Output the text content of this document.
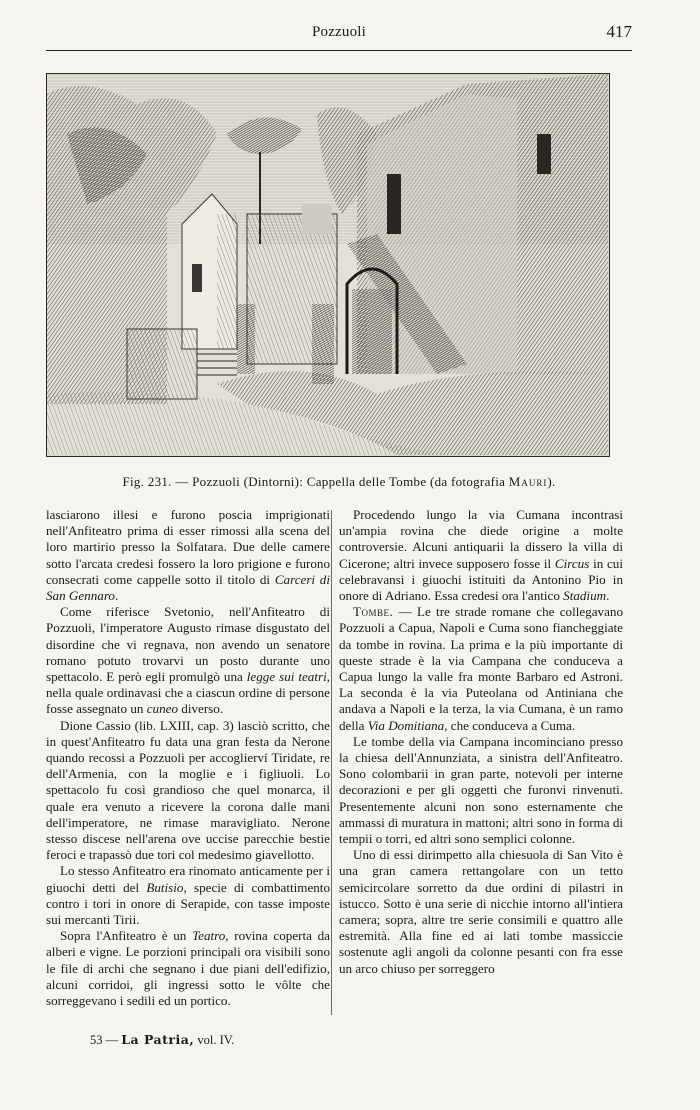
Pozzuoli	417
Fig. 231. — Pozzuoli (Dintorni): Cappella delle Tombe (da fotografia Mauri).

lasciarono illesi e furono poscia imprigionati nell'Anfiteatro prima di esser rimossi alla scena del loro martirio presso la Solfatara. Due delle camere sotto l'arcata credesi fossero la loro prigione e furono consecrati come cappelle sotto il titolo di Carceri di San Gennaro.

Come riferisce Svetonio, nell'Anfiteatro di Pozzuoli, l'imperatore Augusto rimase disgustato del disordine che vi regnava, non avendo un senatore romano potuto trovarvi un posto durante uno spettacolo. E però egli promulgò una legge sui teatri, nella quale ordinavasi che a ciascun ordine di persone fosse assegnato un cuneo diverso.

Dione Cassio (lib. LXIII, cap. 3) lasciò scritto, che in quest'Anfiteatro fu data una gran festa da Nerone quando recossi a Pozzuoli per accoglierví Tiridate, re dell'Armenia, con la moglie e i figliuoli. Lo spettacolo fu così grandioso che quel monarca, il quale era venuto a ricevere la corona dalle mani dell'imperatore, ne rimase maravigliato. Nerone stesso discese nell'arena ove uccise parecchie bestie feroci e trapassò due tori col medesimo giavellotto.

Lo stesso Anfiteatro era rinomato anticamente per i giuochi detti del Butisio, specie di combattimento contro i tori in onore di Serapide, con tasse imposte sui mercanti Tirii.

Sopra l'Anfiteatro è un Teatro, rovina coperta da alberi e vigne. Le porzioni principali ora visibili sono le file di archi che segnano i due piani dell'edifizio, alcuni corridoi, gli ingressi sotto le vôlte che sorreggevano i sedili ed un portico.

Procedendo lungo la via Cumana incontrasi un'ampia rovina che diede origine a molte controversie. Alcuni antiquarii la dissero la villa di Cicerone; altri invece supposero fosse il Circus in cui celebravansi i giuochi istituiti da Antonino Pio in onore di Adriano. Essa credesi ora l'antico Stadium.

Tombe. — Le tre strade romane che collegavano Pozzuoli a Capua, Napoli e Cuma sono fiancheggiate da tombe in rovina. La prima e la più importante di queste strade è la via Campana che conduceva a Capua lungo la valle fra monte Barbaro ed Astroni. La seconda è la via Puteolana od Antiniana che andava a Napoli e la terza, la via Cumana, è un ramo della Via Domitiana, che conduceva a Cuma.

Le tombe della via Campana incominciano presso la chiesa dell'Annunziata, a sinistra dell'Anfiteatro. Sono colombarii in gran parte, notevoli per interne decorazioni e per gli oggetti che furonvi rinvenuti. Presentemente alcuni non sono esternamente che ammassi di muratura in mattoni; altri sono in forma di tempii o torri, ed altri sono semplici colonne.

Uno di essi dirimpetto alla chiesuola di San Vito è una gran camera rettangolare con un tetto semicircolare sorretto da due ordini di pilastri in istucco. Sotto è una serie di nicchie intorno all'intiera camera; sopra, altre tre serie consimili e quattro alle estremità. Alla fine ed ai lati tombe massiccie sostenute agli angoli da colonne pesanti con fra esse un arco chiuso per sorreggero

53 — La Patria, vol. IV.
